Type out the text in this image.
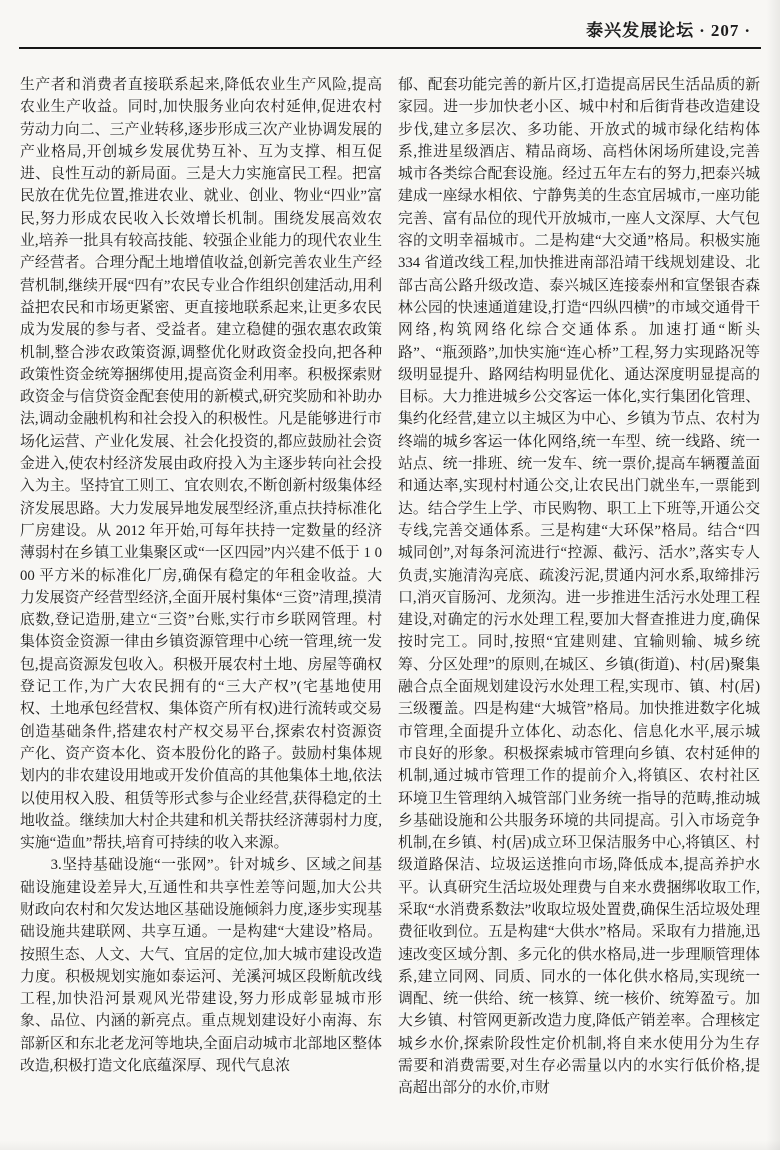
泰兴发展论坛 · 207 ·

生产者和消费者直接联系起来,降低农业生产风险,提高农业生产收益。同时,加快服务业向农村延伸,促进农村劳动力向二、三产业转移,逐步形成三次产业协调发展的产业格局,开创城乡发展优势互补、互为支撑、相互促进、良性互动的新局面。三是大力实施富民工程。把富民放在优先位置,推进农业、就业、创业、物业“四业”富民,努力形成农民收入长效增长机制。围绕发展高效农业,培养一批具有较高技能、较强企业能力的现代农业生产经营者。合理分配土地增值收益,创新完善农业生产经营机制,继续开展“四有”农民专业合作组织创建活动,用利益把农民和市场更紧密、更直接地联系起来,让更多农民成为发展的参与者、受益者。建立稳健的强农惠农政策机制,整合涉农政策资源,调整优化财政资金投向,把各种政策性资金统筹捆绑使用,提高资金利用率。积极探索财政资金与信贷资金配套使用的新模式,研究奖励和补助办法,调动金融机构和社会投入的积极性。凡是能够进行市场化运营、产业化发展、社会化投资的,都应鼓励社会资金进入,使农村经济发展由政府投入为主逐步转向社会投入为主。坚持宜工则工、宜农则农,不断创新村级集体经济发展思路。大力发展异地发展型经济,重点扶持标准化厂房建设。从 2012 年开始,可每年扶持一定数量的经济薄弱村在乡镇工业集聚区或“一区四园”内兴建不低于 1 000 平方米的标准化厂房,确保有稳定的年租金收益。大力发展资产经营型经济,全面开展村集体“三资”清理,摸清底数,登记造册,建立“三资”台账,实行市乡联网管理。村集体资金资源一律由乡镇资源管理中心统一管理,统一发包,提高资源发包收入。积极开展农村土地、房屋等确权登记工作,为广大农民拥有的“三大产权”(宅基地使用权、土地承包经营权、集体资产所有权)进行流转或交易创造基础条件,搭建农村产权交易平台,探索农村资源资产化、资产资本化、资本股份化的路子。鼓励村集体规划内的非农建设用地或开发价值高的其他集体土地,依法以使用权入股、租赁等形式参与企业经营,获得稳定的土地收益。继续加大村企共建和机关帮扶经济薄弱村力度,实施“造血”帮扶,培育可持续的收入来源。

　　3.坚持基础设施“一张网”。针对城乡、区域之间基础设施建设差异大,互通性和共享性差等问题,加大公共财政向农村和欠发达地区基础设施倾斜力度,逐步实现基础设施共建联网、共享互通。一是构建“大建设”格局。按照生态、人文、大气、宜居的定位,加大城市建设改造力度。积极规划实施如泰运河、羌溪河城区段断航改线工程,加快沿河景观风光带建设,努力形成彰显城市形象、品位、内涵的新亮点。重点规划建设好小南海、东部新区和东北老龙河等地块,全面启动城市北部地区整体改造,积极打造文化底蕴深厚、现代气息浓

郁、配套功能完善的新片区,打造提高居民生活品质的新家园。进一步加快老小区、城中村和后街背巷改造建设步伐,建立多层次、多功能、开放式的城市绿化结构体系,推进星级酒店、精品商场、高档休闲场所建设,完善城市各类综合配套设施。经过五年左右的努力,把泰兴城建成一座绿水相依、宁静隽美的生态宜居城市,一座功能完善、富有品位的现代开放城市,一座人文深厚、大气包容的文明幸福城市。二是构建“大交通”格局。积极实施 334 省道改线工程,加快推进南部沿靖干线规划建设、北部古高公路升级改造、泰兴城区连接泰州和宣堡银杏森林公园的快速通道建设,打造“四纵四横”的市域交通骨干网络,构筑网络化综合交通体系。加速打通“断头路”、“瓶颈路”,加快实施“连心桥”工程,努力实现路况等级明显提升、路网结构明显优化、通达深度明显提高的目标。大力推进城乡公交客运一体化,实行集团化管理、集约化经营,建立以主城区为中心、乡镇为节点、农村为终端的城乡客运一体化网络,统一车型、统一线路、统一站点、统一排班、统一发车、统一票价,提高车辆覆盖面和通达率,实现村村通公交,让农民出门就坐车,一票能到达。结合学生上学、市民购物、职工上下班等,开通公交专线,完善交通体系。三是构建“大环保”格局。结合“四城同创”,对每条河流进行“控源、截污、活水”,落实专人负责,实施清沟亮底、疏浚污泥,贯通内河水系,取缔排污口,消灭盲肠河、龙须沟。进一步推进生活污水处理工程建设,对确定的污水处理工程,要加大督查推进力度,确保按时完工。同时,按照“宜建则建、宜输则输、城乡统筹、分区处理”的原则,在城区、乡镇(街道)、村(居)聚集融合点全面规划建设污水处理工程,实现市、镇、村(居)三级覆盖。四是构建“大城管”格局。加快推进数字化城市管理,全面提升立体化、动态化、信息化水平,展示城市良好的形象。积极探索城市管理向乡镇、农村延伸的机制,通过城市管理工作的提前介入,将镇区、农村社区环境卫生管理纳入城管部门业务统一指导的范畴,推动城乡基础设施和公共服务环境的共同提高。引入市场竞争机制,在乡镇、村(居)成立环卫保洁服务中心,将镇区、村级道路保洁、垃圾运送推向市场,降低成本,提高养护水平。认真研究生活垃圾处理费与自来水费捆绑收取工作,采取“水消费系数法”收取垃圾处置费,确保生活垃圾处理费征收到位。五是构建“大供水”格局。采取有力措施,迅速改变区域分割、多元化的供水格局,进一步理顺管理体系,建立同网、同质、同水的一体化供水格局,实现统一调配、统一供给、统一核算、统一核价、统筹盈亏。加大乡镇、村管网更新改造力度,降低产销差率。合理核定城乡水价,探索阶段性定价机制,将自来水使用分为生存需要和消费需要,对生存必需量以内的水实行低价格,提高超出部分的水价,市财
